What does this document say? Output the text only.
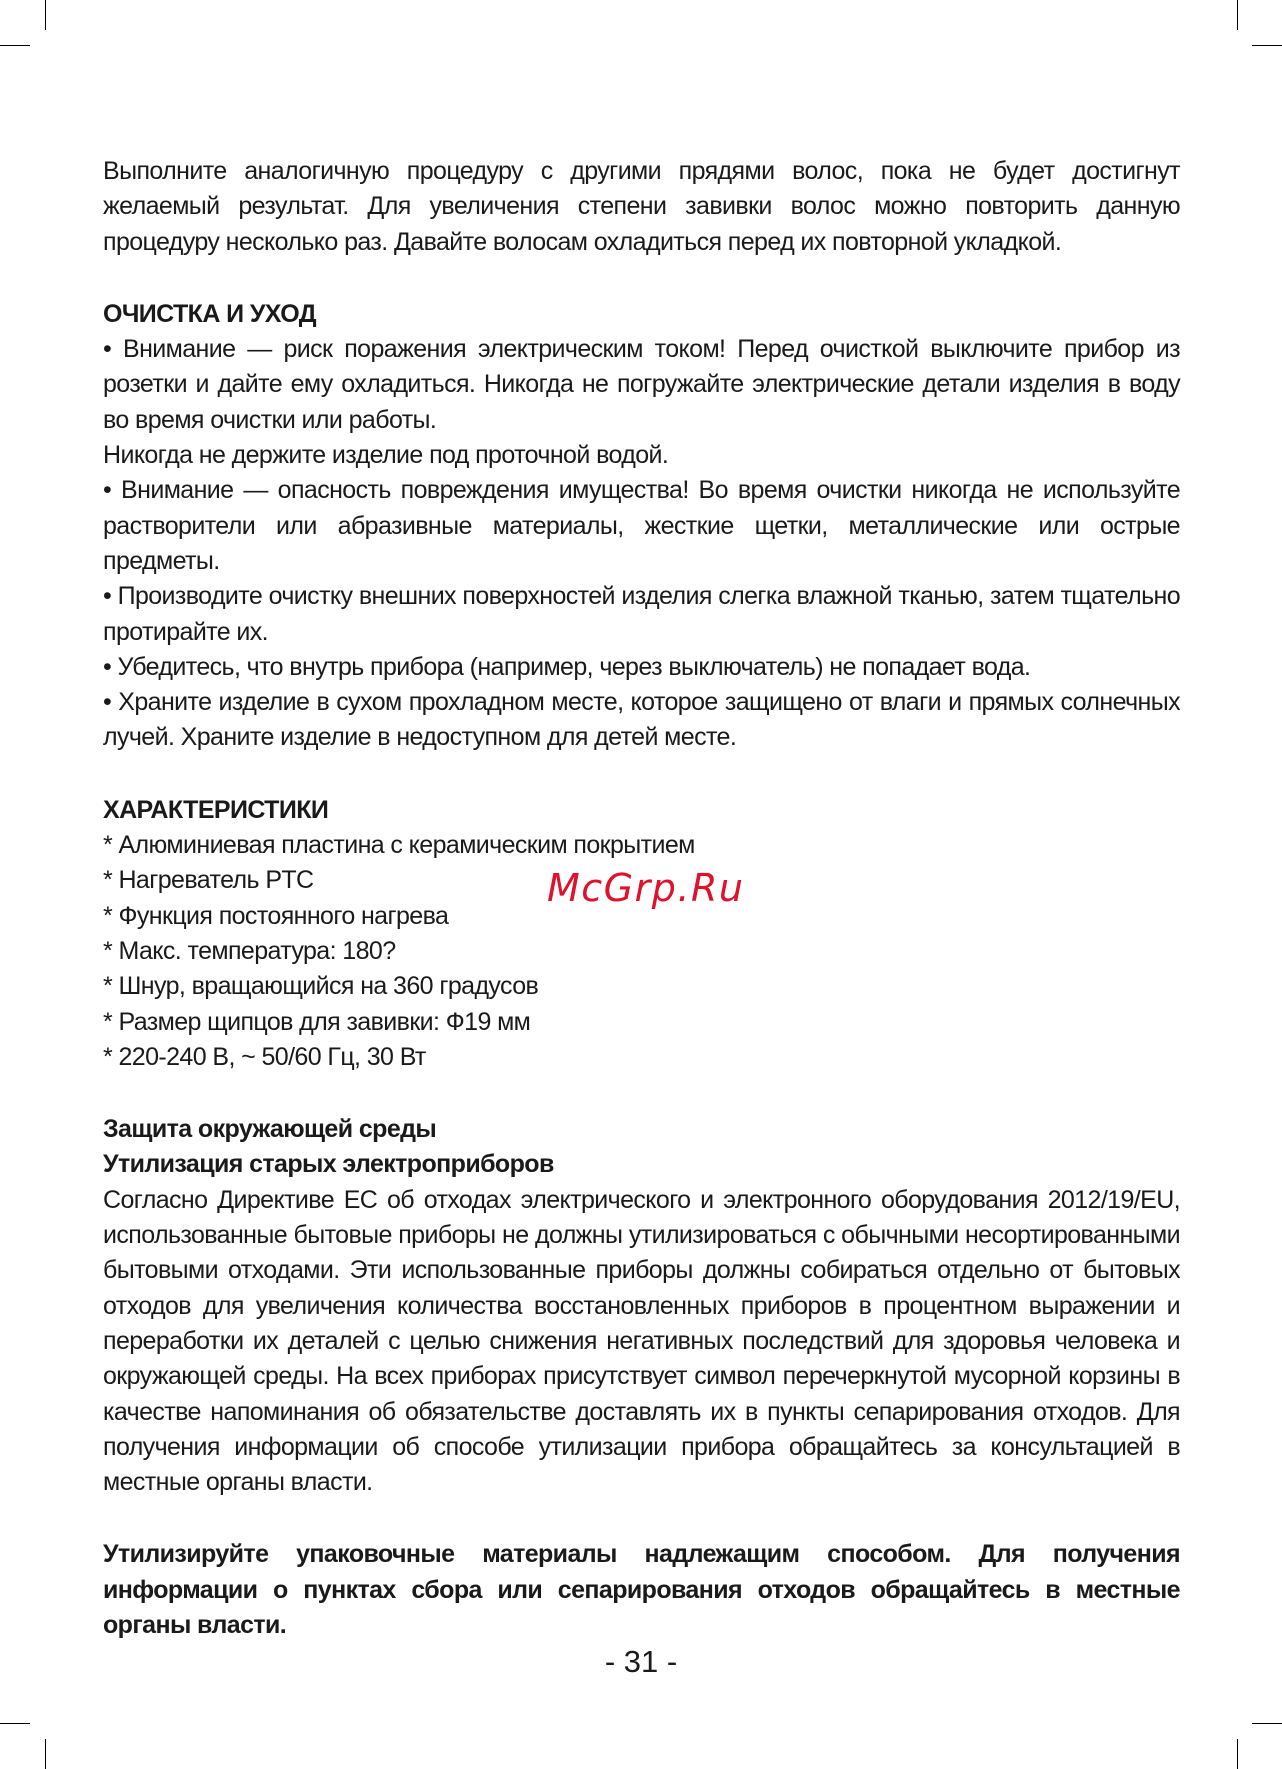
Выполните аналогичную процедуру с другими прядями волос, пока не будет достигнут желаемый результат. Для увеличения степени завивки волос можно повторить данную процедуру несколько раз. Давайте волосам охладиться перед их повторной укладкой.

ОЧИСТКА И УХОД

• Внимание — риск поражения электрическим током! Перед очисткой выключите прибор из розетки и дайте ему охладиться. Никогда не погружайте электрические детали изделия в воду во время очистки или работы.

Никогда не держите изделие под проточной водой.

• Внимание — опасность повреждения имущества! Во время очистки никогда не используйте растворители или абразивные материалы, жесткие щетки, металлические или острые предметы.

• Производите очистку внешних поверхностей изделия слегка влажной тканью, затем тщательно протирайте их.

• Убедитесь, что внутрь прибора (например, через выключатель) не попадает вода.

• Храните изделие в сухом прохладном месте, которое защищено от влаги и прямых солнечных лучей. Храните изделие в недоступном для детей месте.

ХАРАКТЕРИСТИКИ

* Алюминиевая пластина с керамическим покрытием

* Нагреватель PTC

* Функция постоянного нагрева

* Макс. температура: 180?

* Шнур, вращающийся на 360 градусов

* Размер щипцов для завивки: Ф19 мм

* 220-240 В, ~ 50/60 Гц, 30 Вт

Защита окружающей среды

Утилизация старых электроприборов

Согласно Директиве ЕС об отходах электрического и электронного оборудования 2012/19/EU, использованные бытовые приборы не должны утилизироваться с обычными несортированными бытовыми отходами. Эти использованные приборы должны собираться отдельно от бытовых отходов для увеличения количества восстановленных приборов в процентном выражении и переработки их деталей с целью снижения негативных последствий для здоровья человека и окружающей среды. На всех приборах присутствует символ перечеркнутой мусорной корзины в качестве напоминания об обязательстве доставлять их в пункты сепарирования отходов. Для получения информации об способе утилизации прибора обращайтесь за консультацией в местные органы власти.

Утилизируйте упаковочные материалы надлежащим способом. Для получения информации о пунктах сбора или сепарирования отходов обращайтесь в местные органы власти.

McGrp.Ru
- 31 -
